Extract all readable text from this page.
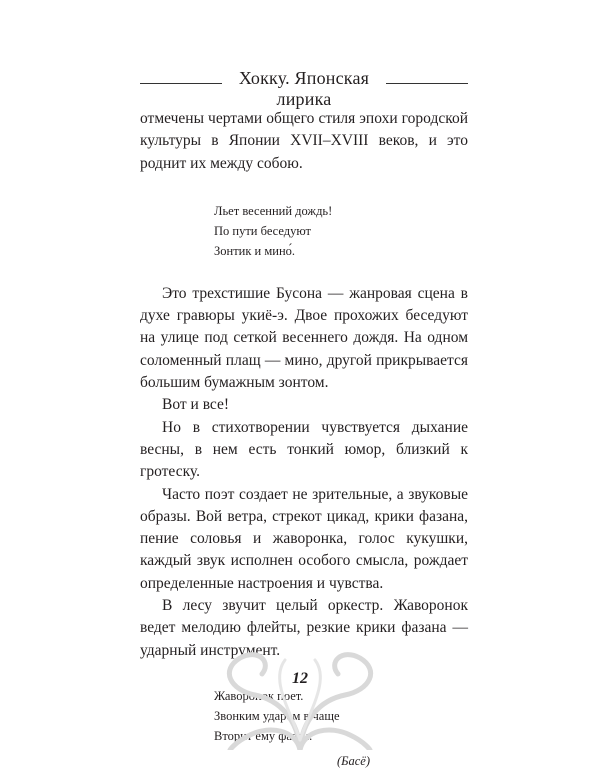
Хокку. Японская лирика

отмечены чертами общего стиля эпохи городской культуры в Японии XVII–XVIII веков, и это роднит их между собою.

Льет весенний дождь!
По пути беседуют
Зонтик и мино́.

Это трехстишие Бусона — жанровая сцена в духе гравюры укиё-э. Двое прохожих беседуют на улице под сеткой весеннего дождя. На одном соломенный плащ — мино, другой прикрывается большим бумажным зонтом.

Вот и все!

Но в стихотворении чувствуется дыхание весны, в нем есть тонкий юмор, близкий к гротеску.

Часто поэт создает не зрительные, а звуковые образы. Вой ветра, стрекот цикад, крики фазана, пение соловья и жаворонка, голос кукушки, каждый звук исполнен особого смысла, рождает определенные настроения и чувства.

В лесу звучит целый оркестр. Жаворонок ведет мелодию флейты, резкие крики фазана — ударный инструмент.

Жаворонок поет.
Звонким ударом в чаще
Вторит ему фазан.
(Басё)
12
